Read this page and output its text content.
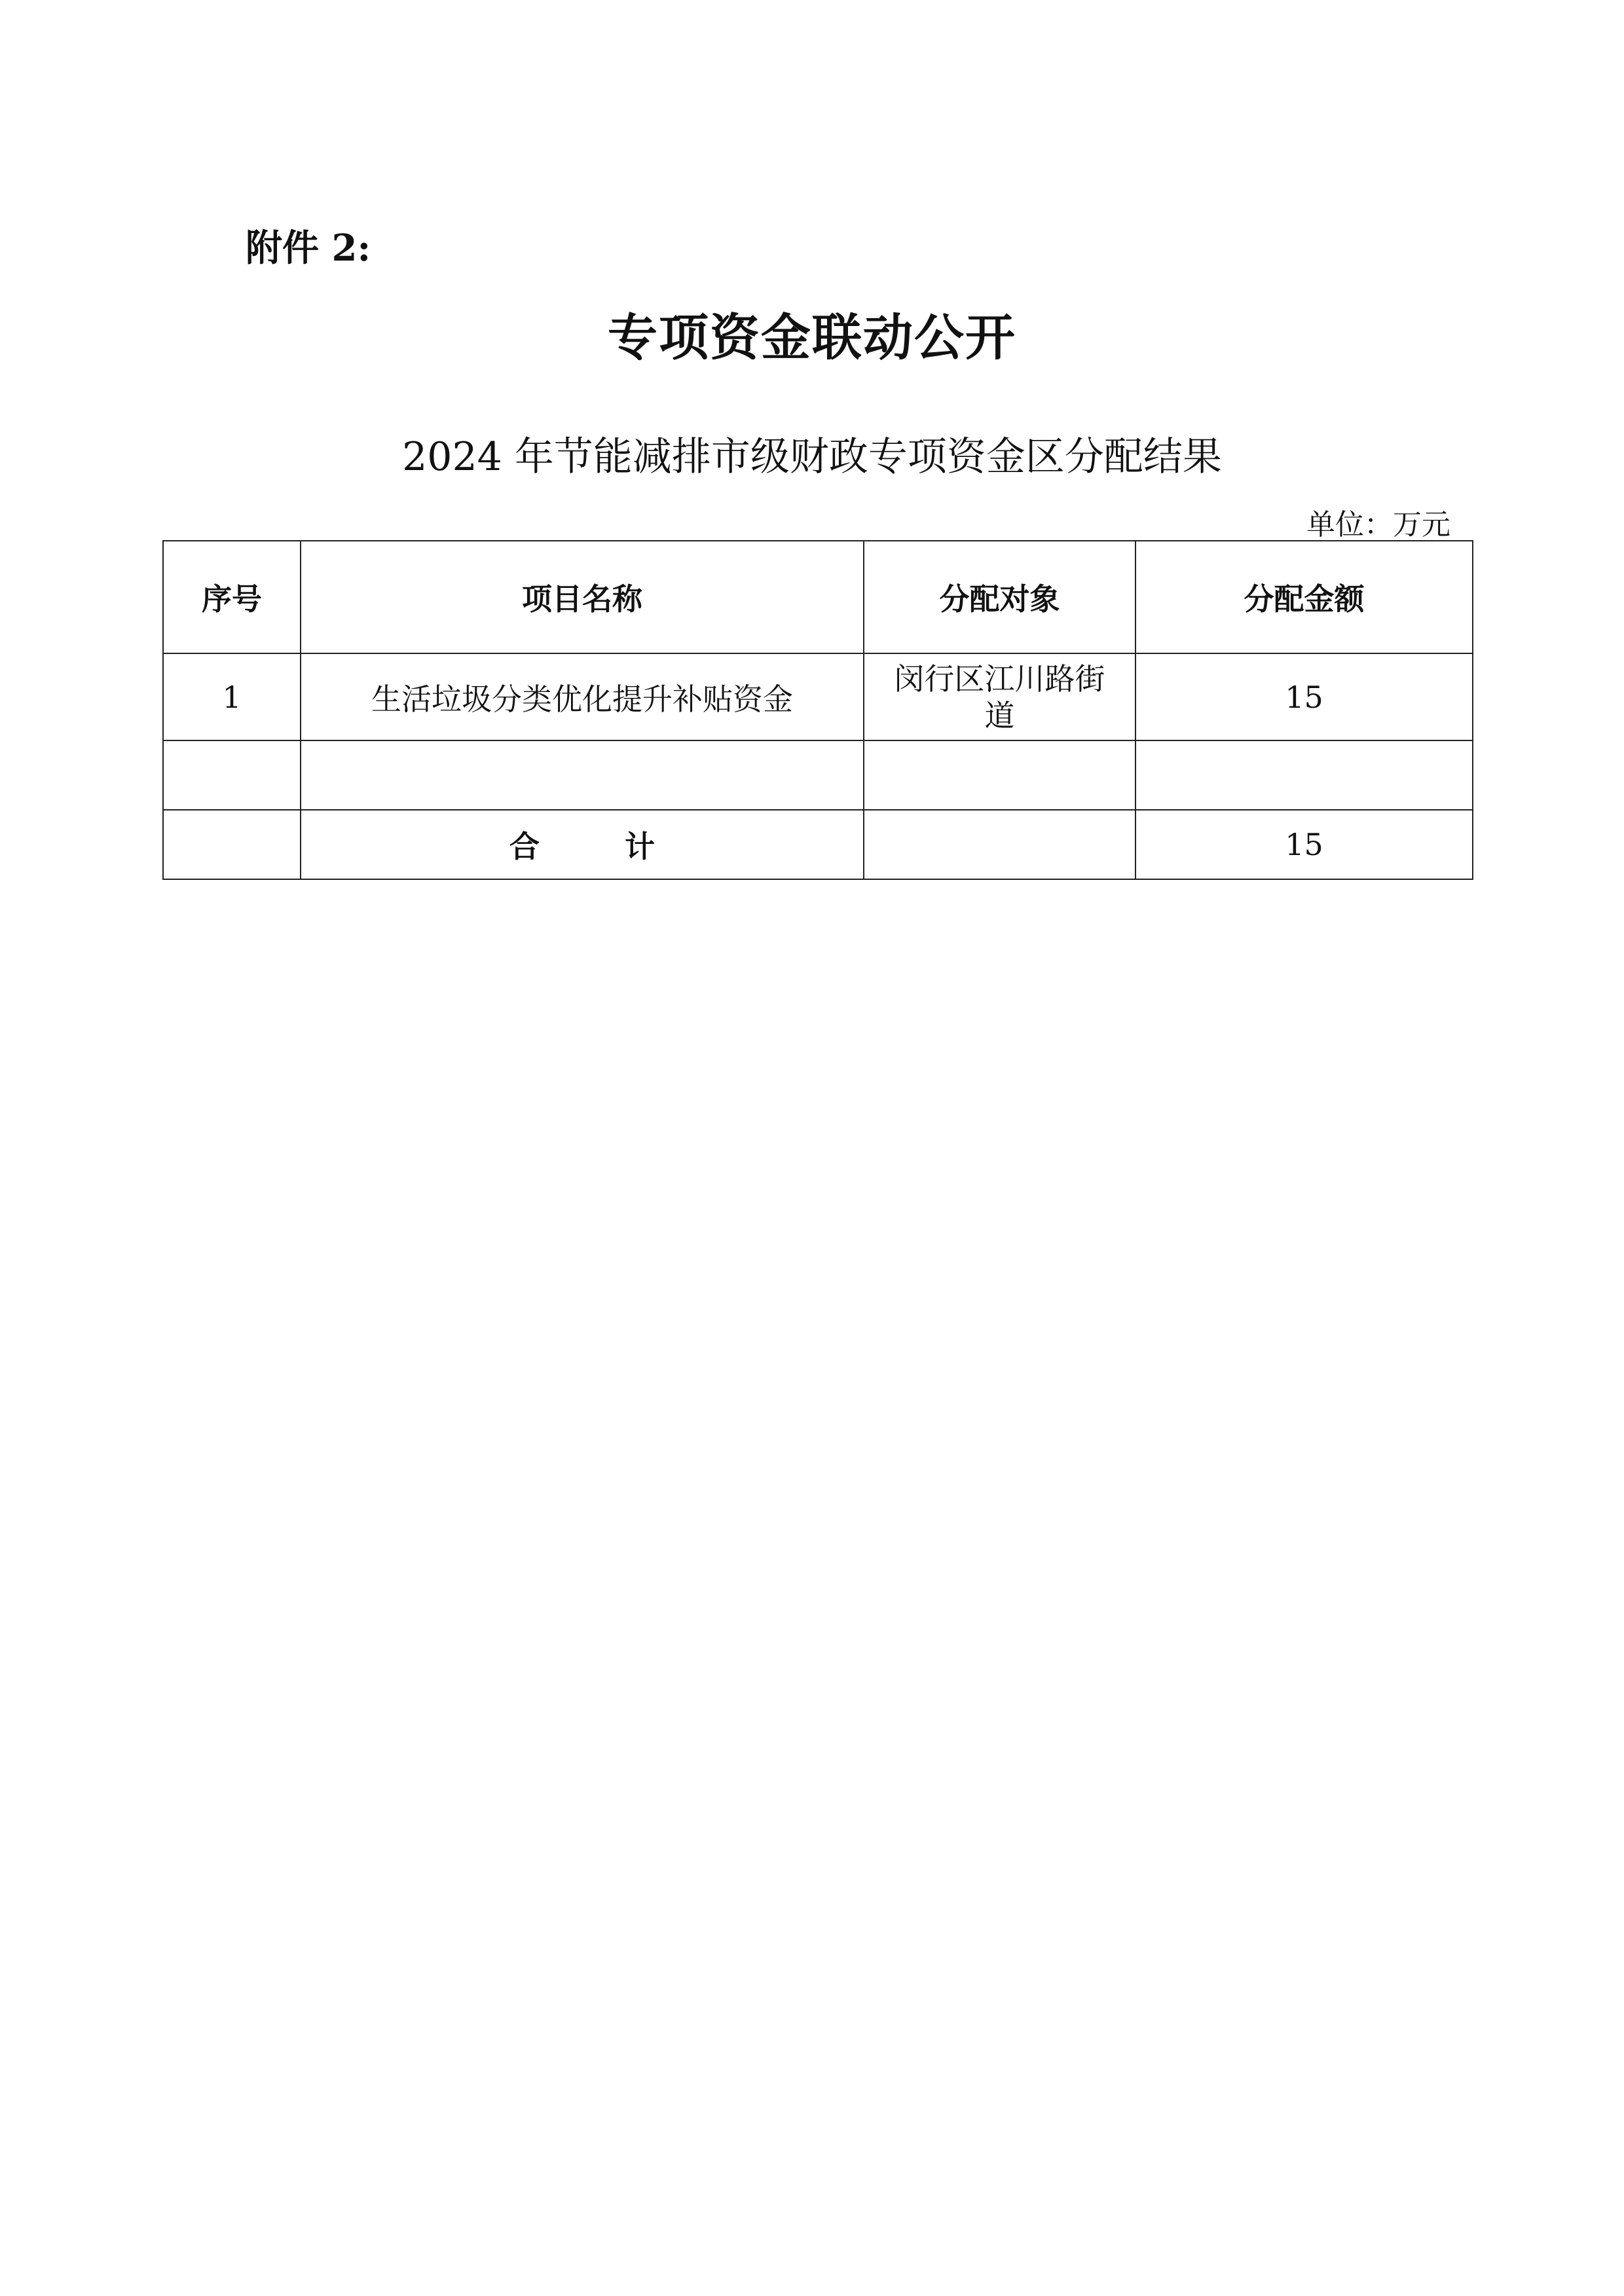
附件 2:
专项资金联动公开
2024 年节能减排市级财政专项资金区分配结果
单位：万元
序号	项目名称	分配对象	分配金额
1	生活垃圾分类优化提升补贴资金	闵行区江川路街道	15

	合计		15
